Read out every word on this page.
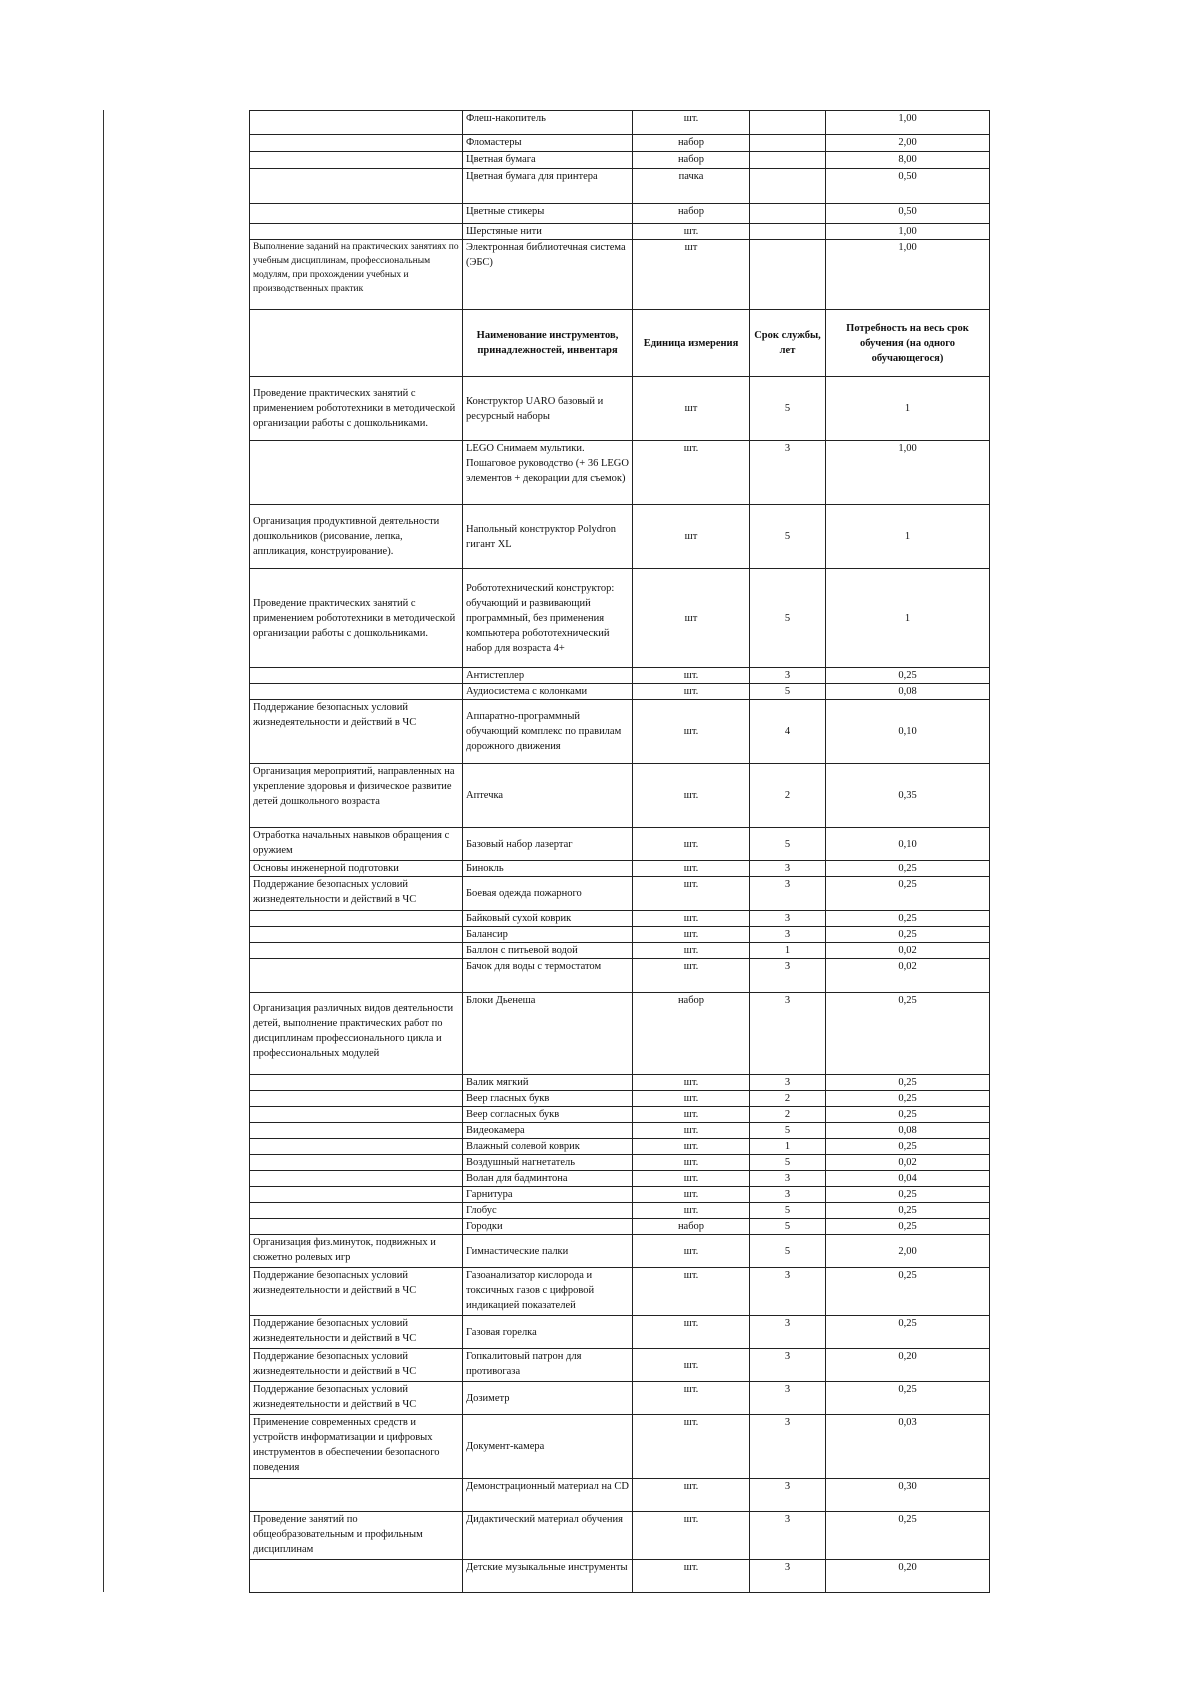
	Флеш-накопитель	шт.		1,00
	Фломастеры	набор		2,00
	Цветная бумага	набор		8,00
	Цветная бумага для принтера	пачка		0,50
	Цветные стикеры	набор		0,50
	Шерстяные нити	шт.		1,00
Выполнение заданий на практических занятиях по учебным дисциплинам, профессиональным модулям, при прохождении учебных и производственных практик	Электронная библиотечная система (ЭБС)	шт		1,00
	Наименование инструментов, принадлежностей, инвентаря	Единица измерения	Срок службы, лет	Потребность на весь срок обучения (на одного обучающегося)
Проведение практических занятий с применением робототехники в методической организации работы с дошкольниками.	Конструктор UARO базовый и ресурсный наборы	шт	5	1
	LEGO Снимаем мультики. Пошаговое руководство (+ 36 LEGO элементов + декорации для съемок)	шт.	3	1,00
Организация продуктивной деятельности дошкольников (рисование, лепка, аппликация, конструирование).	Напольный конструктор Polydron гигант XL	шт	5	1
Проведение практических занятий с применением робототехники в методической организации работы с дошкольниками.	Робототехнический конструктор: обучающий и развивающий программный, без применения компьютера робототехнический набор для возраста 4+	шт	5	1
	Антистеплер	шт.	3	0,25
	Аудиосистема с колонками	шт.	5	0,08
Поддержание безопасных условий жизнедеятельности и действий в ЧС	Аппаратно-программный обучающий комплекс по правилам дорожного движения	шт.	4	0,10
Организация мероприятий, направленных на укрепление здоровья и физическое развитие детей дошкольного возраста	Аптечка	шт.	2	0,35
Отработка начальных навыков обращения с оружием	Базовый набор лазертаг	шт.	5	0,10
Основы инженерной подготовки	Бинокль	шт.	3	0,25
Поддержание безопасных условий жизнедеятельности и действий в ЧС	Боевая одежда пожарного	шт.	3	0,25
	Байковый сухой коврик	шт.	3	0,25
	Балансир	шт.	3	0,25
	Баллон с питьевой водой	шт.	1	0,02
	Бачок для воды с термостатом	шт.	3	0,02
Организация различных видов деятельности детей, выполнение практических работ по дисциплинам профессионального цикла и профессиональных модулей	Блоки Дьенеша	набор	3	0,25
	Валик мягкий	шт.	3	0,25
	Веер гласных букв	шт.	2	0,25
	Веер согласных букв	шт.	2	0,25
	Видеокамера	шт.	5	0,08
	Влажный солевой коврик	шт.	1	0,25
	Воздушный нагнетатель	шт.	5	0,02
	Волан для бадминтона	шт.	3	0,04
	Гарнитура	шт.	3	0,25
	Глобус	шт.	5	0,25
	Городки	набор	5	0,25
Организация физ.минуток, подвижных и сюжетно ролевых игр	Гимнастические палки	шт.	5	2,00
Поддержание безопасных условий жизнедеятельности и действий в ЧС	Газоанализатор кислорода и токсичных газов с цифровой индикацией показателей	шт.	3	0,25
Поддержание безопасных условий жизнедеятельности и действий в ЧС	Газовая горелка	шт.	3	0,25
Поддержание безопасных условий жизнедеятельности и действий в ЧС	Гопкалитовый патрон для противогаза	шт.	3	0,20
Поддержание безопасных условий жизнедеятельности и действий в ЧС	Дозиметр	шт.	3	0,25
Применение современных средств и устройств информатизации и цифровых инструментов в обеспечении безопасного поведения	Документ-камера	шт.	3	0,03
	Демонстрационный материал на CD	шт.	3	0,30
Проведение занятий по общеобразовательным и профильным дисциплинам	Дидактический материал обучения	шт.	3	0,25
	Детские музыкальные инструменты	шт.	3	0,20
